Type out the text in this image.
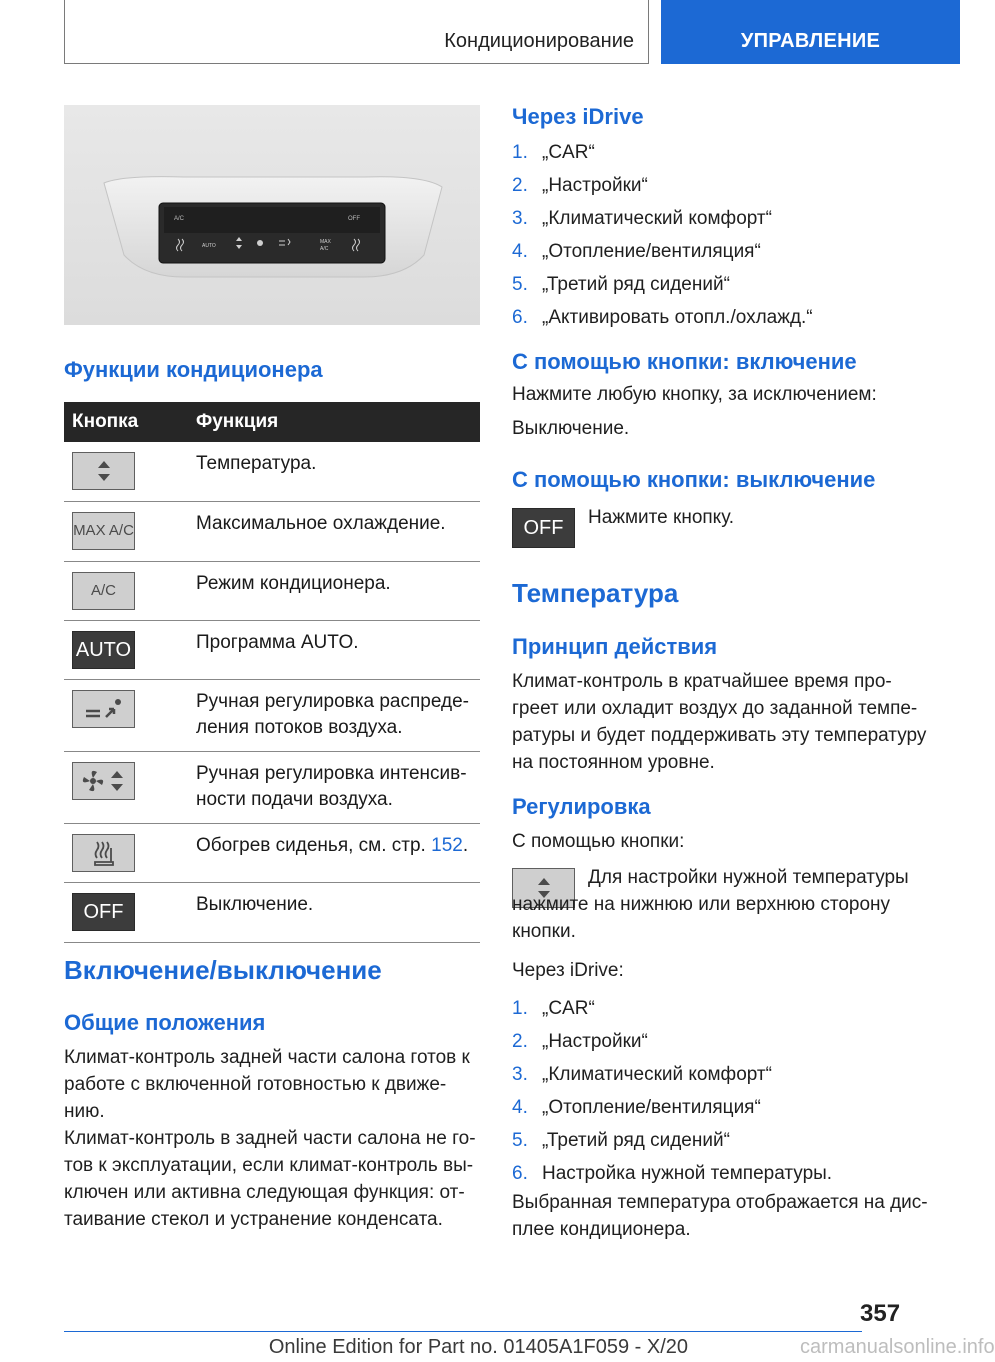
Кондиционирование	УПРАВЛЕНИЕ
A/C	OFF
AUTO
MAX
A/C
Функции кондиционера
Кнопка	Функция

	Температура.

MAX A/C	Максимальное охлаждение.

A/C	Режим кондиционера.

AUTO	Программа AUTO.

	Ручная регулировка распреде-ления потоков воздуха.

	Ручная регулировка интенсив-ности подачи воздуха.

	Обогрев сиденья, см. стр. 152.

OFF	Выключение.
Включение/выключение
Общие положения
Климат-контроль задней части салона готов к работе с включенной готовностью к движе-нию.
Климат-контроль в задней части салона не го-тов к эксплуатации, если климат-контроль вы-ключен или активна следующая функция: от-таивание стекол и устранение конденсата.
Через iDrive
1. „CAR“
2. „Настройки“
3. „Климатический комфорт“
4. „Отопление/вентиляция“
5. „Третий ряд сидений“
6. „Активировать отопл./охлажд.“
С помощью кнопки: включение
Нажмите любую кнопку, за исключением:
Выключение.
С помощью кнопки: выключение
OFF Нажмите кнопку.
Температура
Принцип действия
Климат-контроль в кратчайшее время про-греет или охладит воздух до заданной темпе-ратуры и будет поддерживать эту температуру на постоянном уровне.
Регулировка
С помощью кнопки:
Для настройки нужной температуры нажмите на нижнюю или верхнюю сторону кнопки.
Через iDrive:
1. „CAR“
2. „Настройки“
3. „Климатический комфорт“
4. „Отопление/вентиляция“
5. „Третий ряд сидений“
6. Настройка нужной температуры.
Выбранная температура отображается на дис-плее кондиционера.
357
carmanualsonline.info
Online Edition for Part no. 01405A1F059 - X/20
